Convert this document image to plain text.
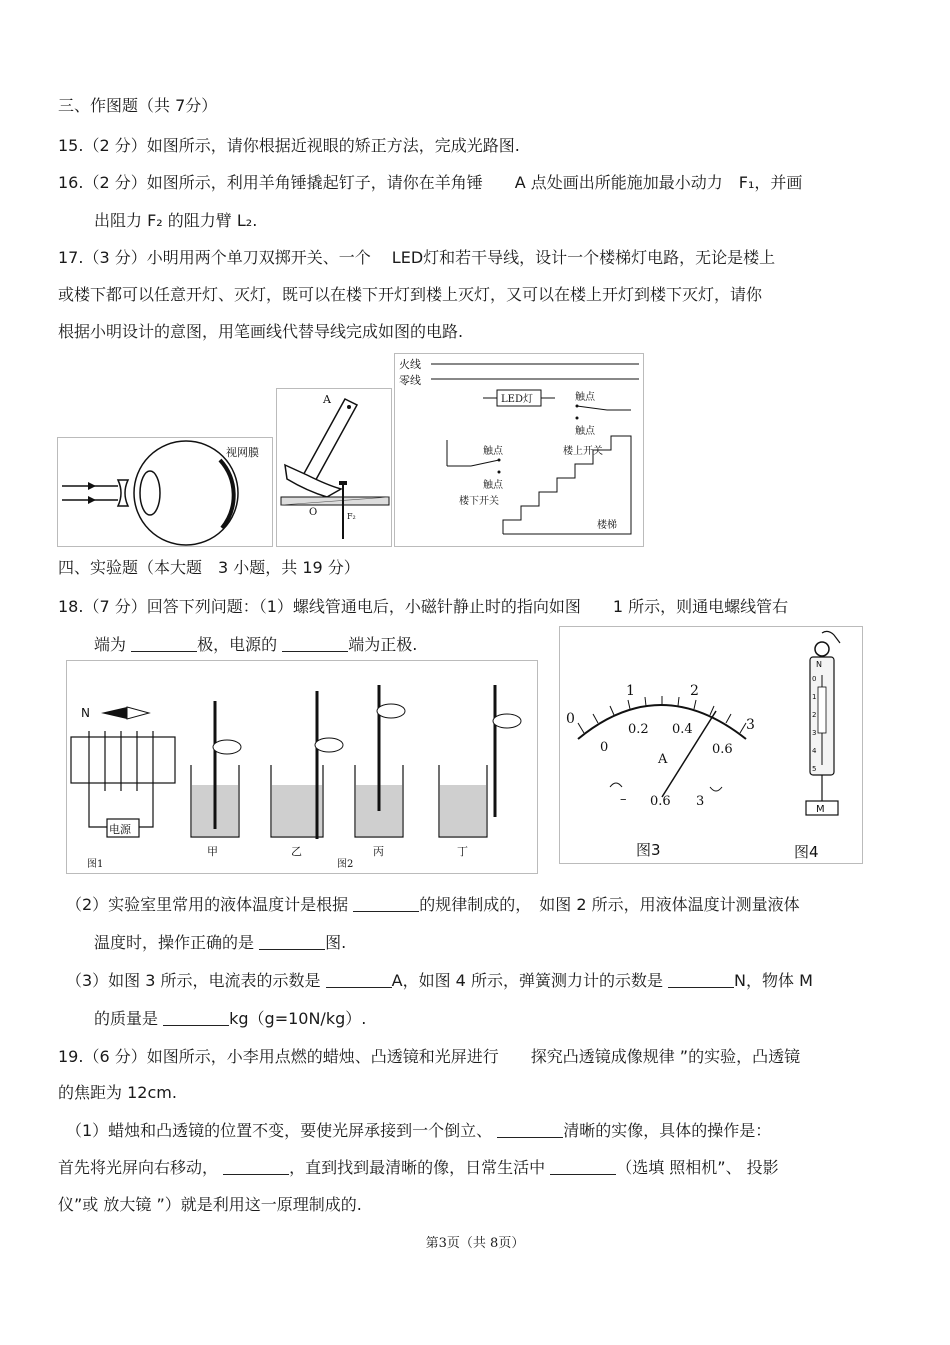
三、作图题（共 7分）
15.（2 分）如图所示，请你根据近视眼的矫正方法，完成光路图.
16.（2 分）如图所示，利用羊角锤撬起钉子，请你在羊角锤　　A 点处画出所能施加最小动力　F₁，并画
出阻力 F₂ 的阻力臂 L₂.
17.（3 分）小明用两个单刀双掷开关、一个　 LED灯和若干导线，设计一个楼梯灯电路，无论是楼上
或楼下都可以任意开灯、灭灯，既可以在楼下开灯到楼上灭灯，又可以在楼上开灯到楼下灭灯，请你
根据小明设计的意图，用笔画线代替导线完成如图的电路.
视网膜
A
O	F₂
火线
零线
LED灯	触点
触点
楼上开关
触点
触点
楼下开关
楼梯
四、实验题（本大题　3 小题，共 19 分）
18.（7 分）回答下列问题：（1）螺线管通电后，小磁针静止时的指向如图　　1 所示，则通电螺线管右
端为	极，电源的	端为正极.
N
电源
图1
甲	乙
图2
丙	丁
0
1	2
3
0
0.2 0.4
0.6
A
– 0.6 3
图3
N
0
1
2
3
4
5
M
图4
（2）实验室里常用的液体温度计是根据	的规律制成的，　如图 2 所示，用液体温度计测量液体
温度时，操作正确的是	图.
（3）如图 3 所示，电流表的示数是	A，如图 4 所示，弹簧测力计的示数是	N，物体 M
的质量是	kg（g=10N/kg）.
19.（6 分）如图所示，小李用点燃的蜡烛、凸透镜和光屏进行　　探究凸透镜成像规律 ”的实验，凸透镜
的焦距为 12cm.
（1）蜡烛和凸透镜的位置不变，要使光屏承接到一个倒立、	清晰的实像，具体的操作是：
首先将光屏向右移动，	，直到找到最清晰的像，日常生活中	（选填 照相机”、 投影
仪”或 放大镜 ”）就是利用这一原理制成的.
第3页（共 8页）
